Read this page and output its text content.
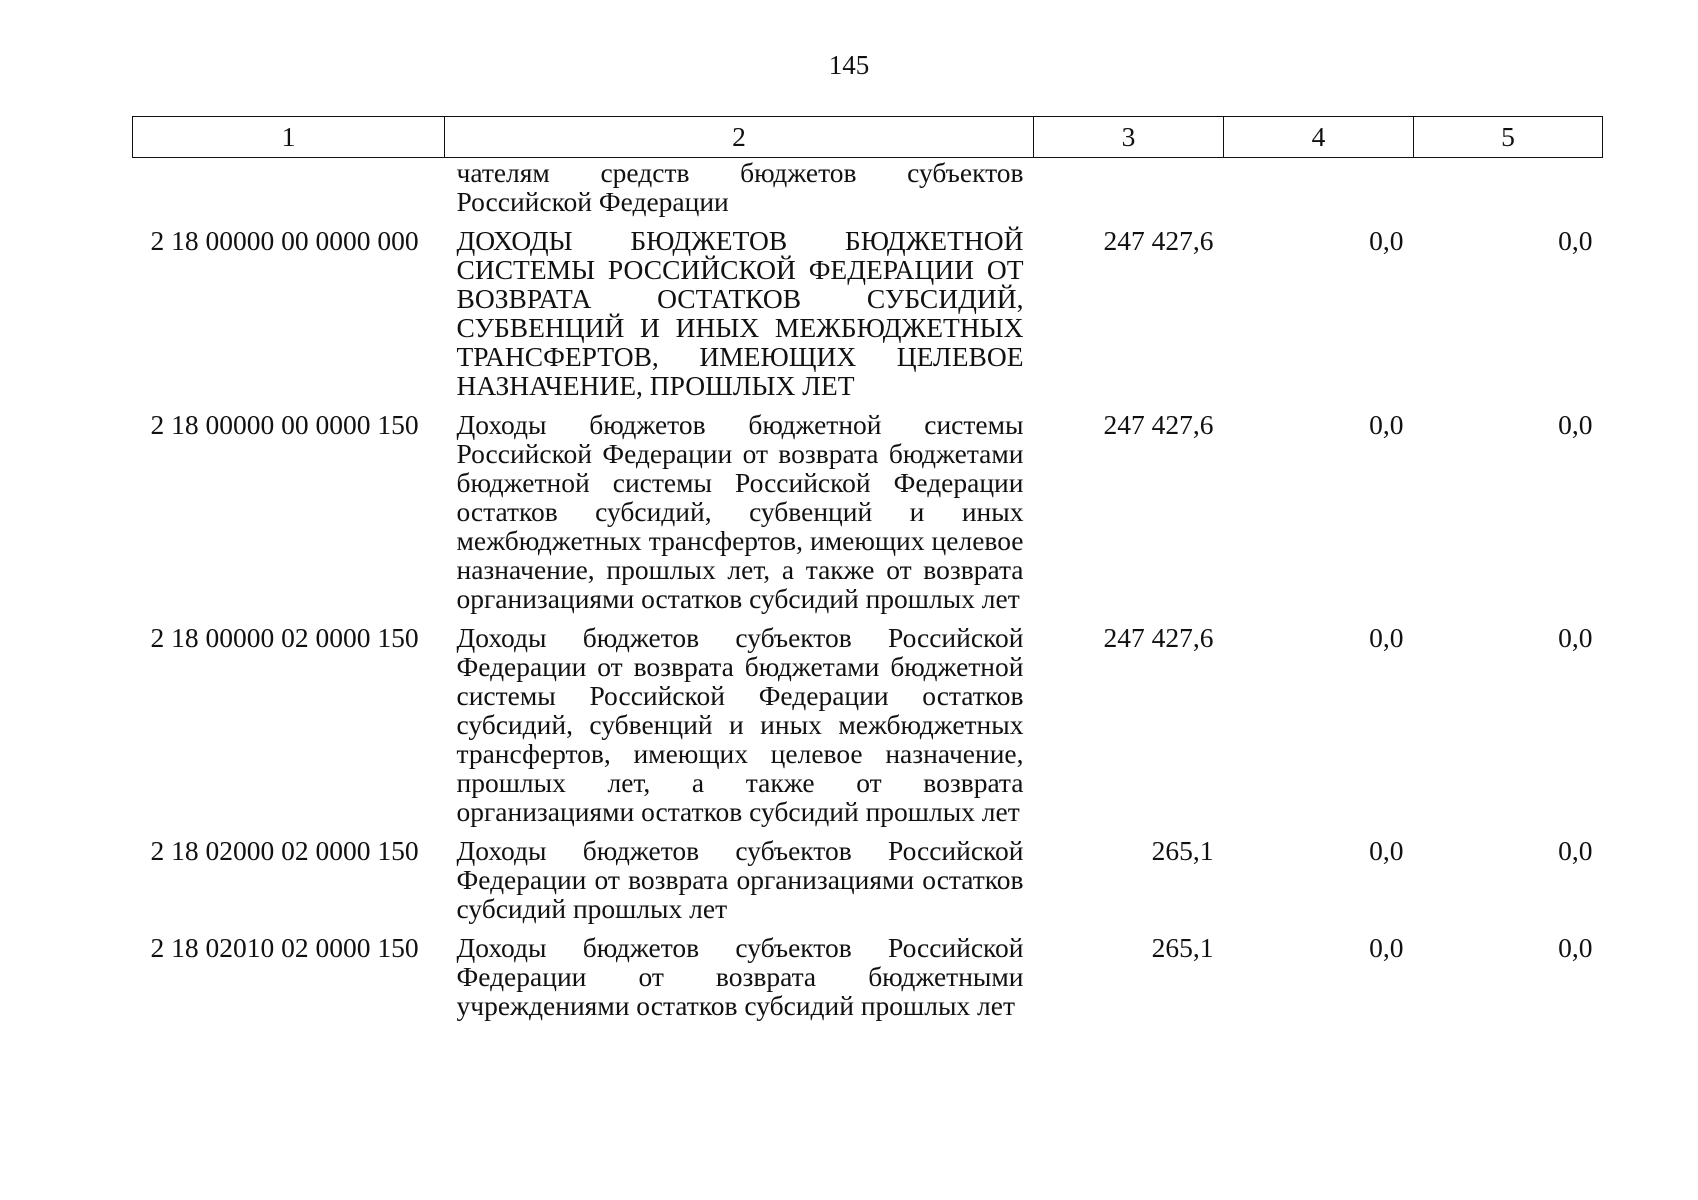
145
1	2	3	4	5
	чателям средств бюджетов субъектов Российской Федерации			
2 18 00000 00 0000 000	ДОХОДЫ БЮДЖЕТОВ БЮДЖЕТНОЙ СИСТЕМЫ РОССИЙСКОЙ ФЕДЕРАЦИИ ОТ ВОЗВРАТА ОСТАТКОВ СУБСИДИЙ, СУБВЕНЦИЙ И ИНЫХ МЕЖБЮДЖЕТНЫХ ТРАНСФЕРТОВ, ИМЕЮЩИХ ЦЕЛЕВОЕ НАЗНАЧЕНИЕ, ПРОШЛЫХ ЛЕТ	247 427,6	0,0	0,0
2 18 00000 00 0000 150	Доходы бюджетов бюджетной системы Российской Федерации от возврата бюджетами бюджетной системы Российской Федерации остатков субсидий, субвенций и иных межбюджетных трансфертов, имеющих целевое назначение, прошлых лет, а также от возврата организациями остатков субсидий прошлых лет	247 427,6	0,0	0,0
2 18 00000 02 0000 150	Доходы бюджетов субъектов Российской Федерации от возврата бюджетами бюджетной системы Российской Федерации остатков субсидий, субвенций и иных межбюджетных трансфертов, имеющих целевое назначение, прошлых лет, а также от возврата организациями остатков субсидий прошлых лет	247 427,6	0,0	0,0
2 18 02000 02 0000 150	Доходы бюджетов субъектов Российской Федерации от возврата организациями остатков субсидий прошлых лет	265,1	0,0	0,0
2 18 02010 02 0000 150	Доходы бюджетов субъектов Российской Федерации от возврата бюджетными учреждениями остатков субсидий прошлых лет	265,1	0,0	0,0
